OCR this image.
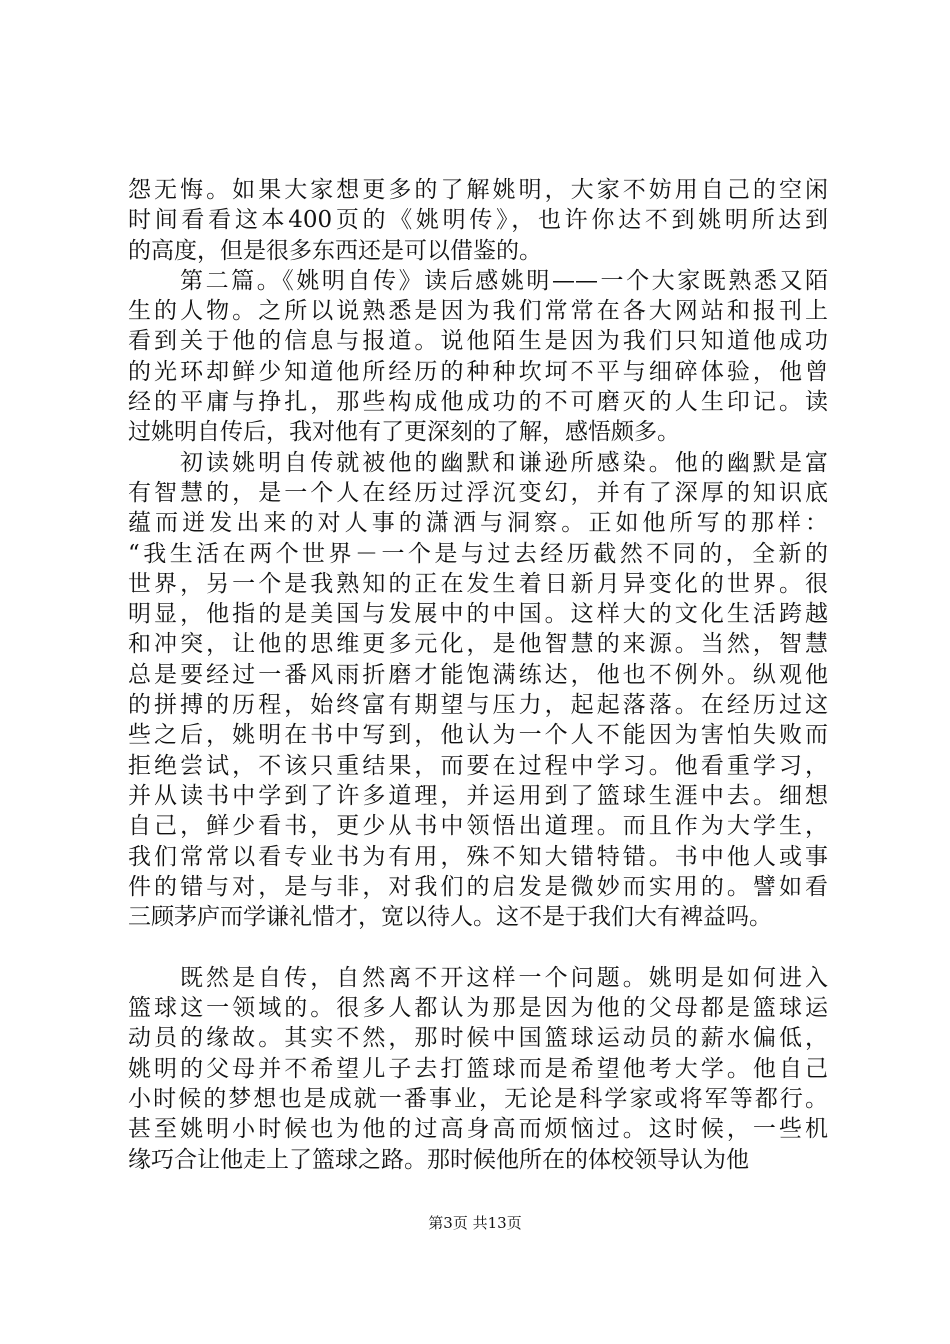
怨无悔。如果大家想更多的了解姚明，大家不妨用自己的空闲
时间看看这本400页的《姚明传》，也许你达不到姚明所达到
的高度，但是很多东西还是可以借鉴的。
第二篇。《姚明自传》读后感姚明——一个大家既熟悉又陌
生的人物。之所以说熟悉是因为我们常常在各大网站和报刊上
看到关于他的信息与报道。说他陌生是因为我们只知道他成功
的光环却鲜少知道他所经历的种种坎坷不平与细碎体验，他曾
经的平庸与挣扎，那些构成他成功的不可磨灭的人生印记。读
过姚明自传后，我对他有了更深刻的了解，感悟颇多。
初读姚明自传就被他的幽默和谦逊所感染。他的幽默是富
有智慧的，是一个人在经历过浮沉变幻，并有了深厚的知识底
蕴而迸发出来的对人事的潇洒与洞察。正如他所写的那样：
“我生活在两个世界－一个是与过去经历截然不同的，全新的
世界，另一个是我熟知的正在发生着日新月异变化的世界。很
明显，他指的是美国与发展中的中国。这样大的文化生活跨越
和冲突，让他的思维更多元化，是他智慧的来源。当然，智慧
总是要经过一番风雨折磨才能饱满练达，他也不例外。纵观他
的拼搏的历程，始终富有期望与压力，起起落落。在经历过这
些之后，姚明在书中写到，他认为一个人不能因为害怕失败而
拒绝尝试，不该只重结果，而要在过程中学习。他看重学习，
并从读书中学到了许多道理，并运用到了篮球生涯中去。细想
自己，鲜少看书，更少从书中领悟出道理。而且作为大学生，
我们常常以看专业书为有用，殊不知大错特错。书中他人或事
件的错与对，是与非，对我们的启发是微妙而实用的。譬如看
三顾茅庐而学谦礼惜才，宽以待人。这不是于我们大有裨益吗。
既然是自传，自然离不开这样一个问题。姚明是如何进入
篮球这一领域的。很多人都认为那是因为他的父母都是篮球运
动员的缘故。其实不然，那时候中国篮球运动员的薪水偏低，
姚明的父母并不希望儿子去打篮球而是希望他考大学。他自己
小时候的梦想也是成就一番事业，无论是科学家或将军等都行。
甚至姚明小时候也为他的过高身高而烦恼过。这时候，一些机
缘巧合让他走上了篮球之路。那时候他所在的体校领导认为他
第3页 共13页
